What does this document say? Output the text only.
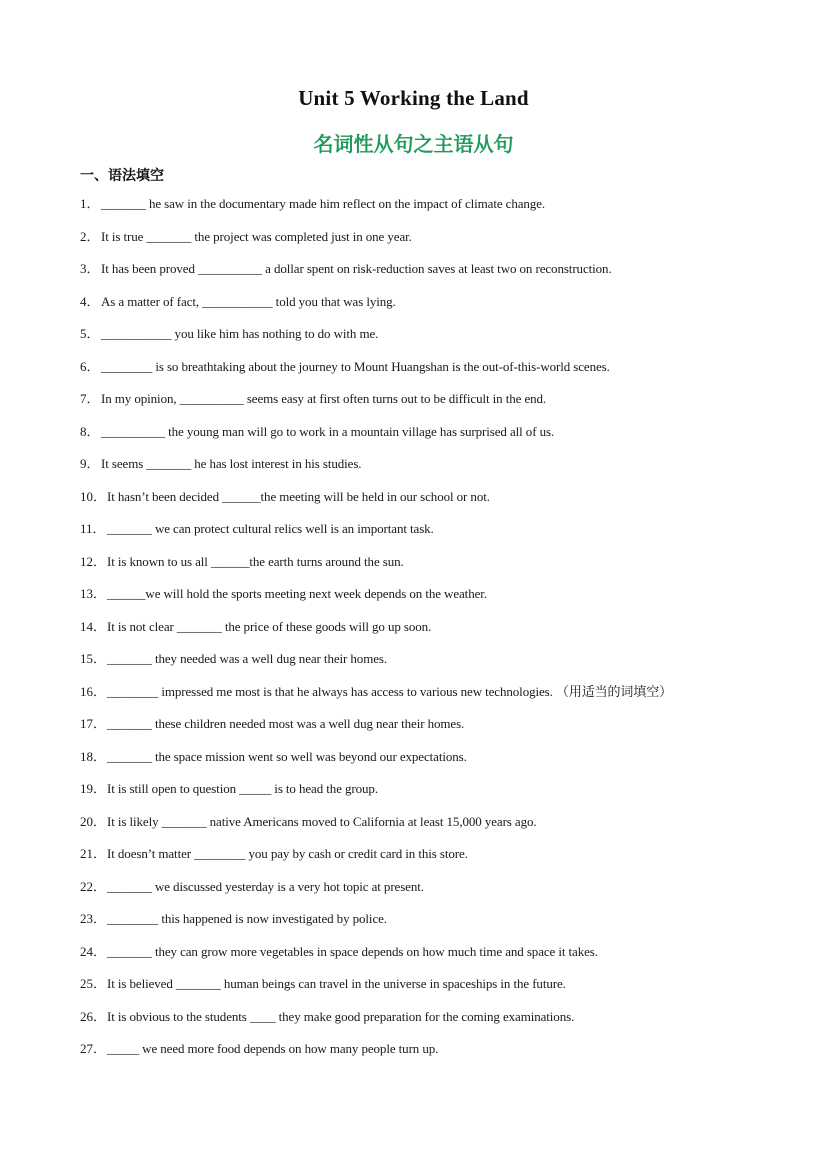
Unit 5 Working the Land
名词性从句之主语从句
一、语法填空
1． _______ he saw in the documentary made him reflect on the impact of climate change.
2． It is true _______ the project was completed just in one year.
3． It has been proved __________ a dollar spent on risk-reduction saves at least two on reconstruction.
4． As a matter of fact, ___________ told you that was lying.
5． ___________ you like him has nothing to do with me.
6． ________ is so breathtaking about the journey to Mount Huangshan is the out-of-this-world scenes.
7． In my opinion, __________ seems easy at first often turns out to be difficult in the end.
8． __________ the young man will go to work in a mountain village has surprised all of us.
9． It seems _______ he has lost interest in his studies.
10． It hasn’t been decided ______the meeting will be held in our school or not.
11． _______ we can protect cultural relics well is an important task.
12． It is known to us all ______the earth turns around the sun.
13． ______we will hold the sports meeting next week depends on the weather.
14． It is not clear _______ the price of these goods will go up soon.
15． _______ they needed was a well dug near their homes.
16． ________ impressed me most is that he always has access to various new technologies. （用适当的词填空）
17． _______ these children needed most was a well dug near their homes.
18． _______ the space mission went so well was beyond our expectations.
19． It is still open to question _____ is to head the group.
20． It is likely _______ native Americans moved to California at least 15,000 years ago.
21． It doesn’t matter ________ you pay by cash or credit card in this store.
22． _______ we discussed yesterday is a very hot topic at present.
23． ________ this happened is now investigated by police.
24． _______ they can grow more vegetables in space depends on how much time and space it takes.
25． It is believed _______ human beings can travel in the universe in spaceships in the future.
26． It is obvious to the students ____ they make good preparation for the coming examinations.
27． _____ we need more food depends on how many people turn up.
